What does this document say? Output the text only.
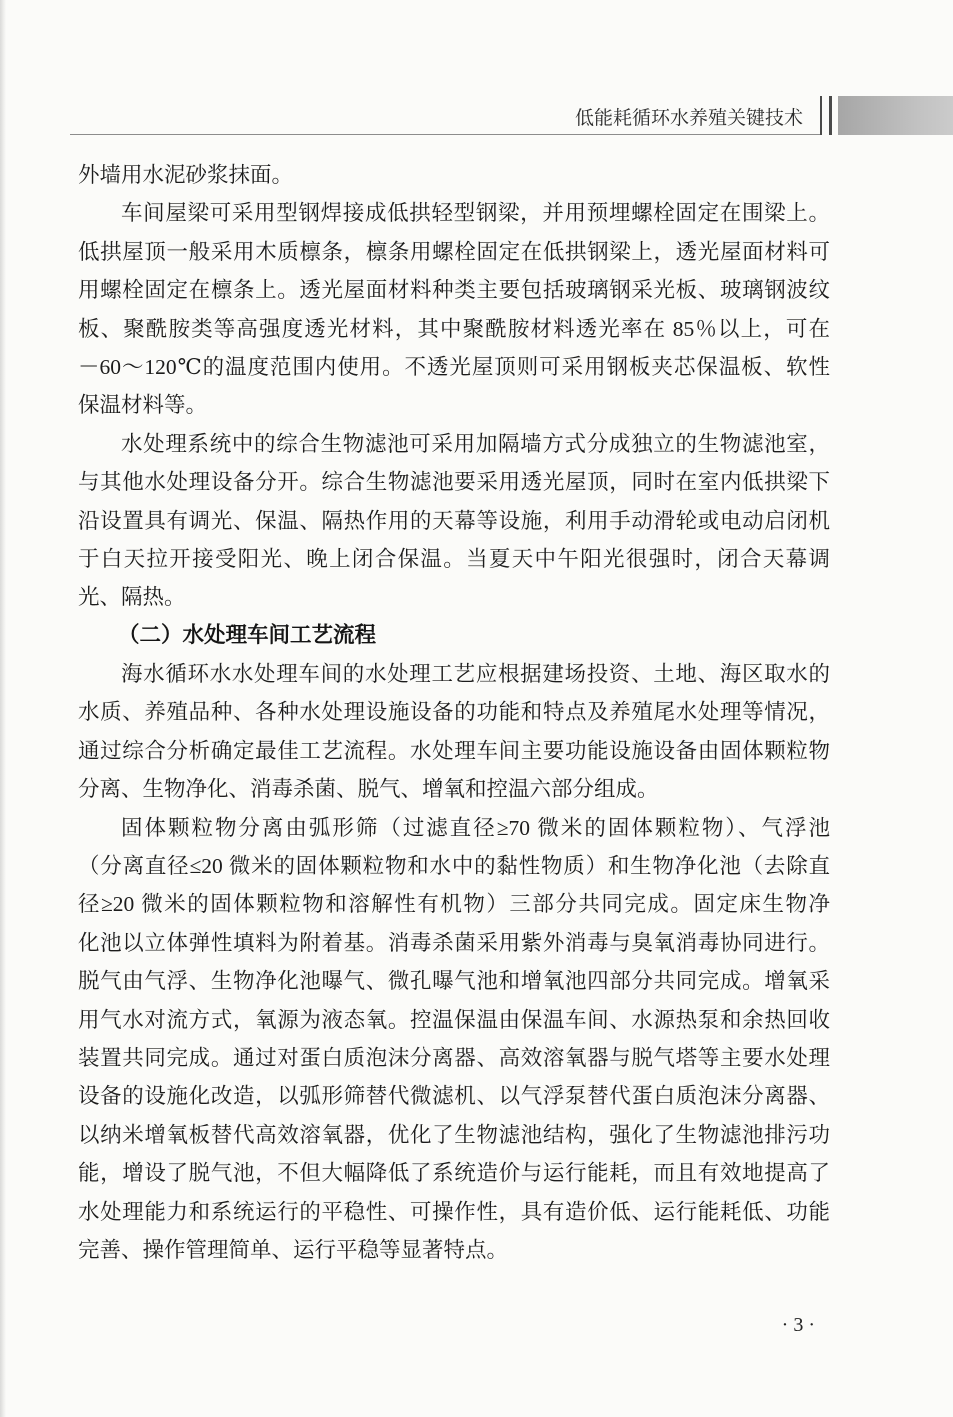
低能耗循环水养殖关键技术
外墙用水泥砂浆抹面。
车间屋梁可采用型钢焊接成低拱轻型钢梁，并用预埋螺栓固定在围梁上。
低拱屋顶一般采用木质檩条，檩条用螺栓固定在低拱钢梁上，透光屋面材料可
用螺栓固定在檩条上。透光屋面材料种类主要包括玻璃钢采光板、玻璃钢波纹
板、聚酰胺类等高强度透光材料，其中聚酰胺材料透光率在 85％以上，可在
－60～120℃的温度范围内使用。不透光屋顶则可采用钢板夹芯保温板、软性
保温材料等。
水处理系统中的综合生物滤池可采用加隔墙方式分成独立的生物滤池室，
与其他水处理设备分开。综合生物滤池要采用透光屋顶，同时在室内低拱梁下
沿设置具有调光、保温、隔热作用的天幕等设施，利用手动滑轮或电动启闭机
于白天拉开接受阳光、晚上闭合保温。当夏天中午阳光很强时，闭合天幕调
光、隔热。
（二）水处理车间工艺流程
海水循环水水处理车间的水处理工艺应根据建场投资、土地、海区取水的
水质、养殖品种、各种水处理设施设备的功能和特点及养殖尾水处理等情况，
通过综合分析确定最佳工艺流程。水处理车间主要功能设施设备由固体颗粒物
分离、生物净化、消毒杀菌、脱气、增氧和控温六部分组成。
固体颗粒物分离由弧形筛（过滤直径≥70 微米的固体颗粒物）、气浮池
（分离直径≤20 微米的固体颗粒物和水中的黏性物质）和生物净化池（去除直
径≥20 微米的固体颗粒物和溶解性有机物）三部分共同完成。固定床生物净
化池以立体弹性填料为附着基。消毒杀菌采用紫外消毒与臭氧消毒协同进行。
脱气由气浮、生物净化池曝气、微孔曝气池和增氧池四部分共同完成。增氧采
用气水对流方式，氧源为液态氧。控温保温由保温车间、水源热泵和余热回收
装置共同完成。通过对蛋白质泡沫分离器、高效溶氧器与脱气塔等主要水处理
设备的设施化改造，以弧形筛替代微滤机、以气浮泵替代蛋白质泡沫分离器、
以纳米增氧板替代高效溶氧器，优化了生物滤池结构，强化了生物滤池排污功
能，增设了脱气池，不但大幅降低了系统造价与运行能耗，而且有效地提高了
水处理能力和系统运行的平稳性、可操作性，具有造价低、运行能耗低、功能
完善、操作管理简单、运行平稳等显著特点。
· 3 ·
